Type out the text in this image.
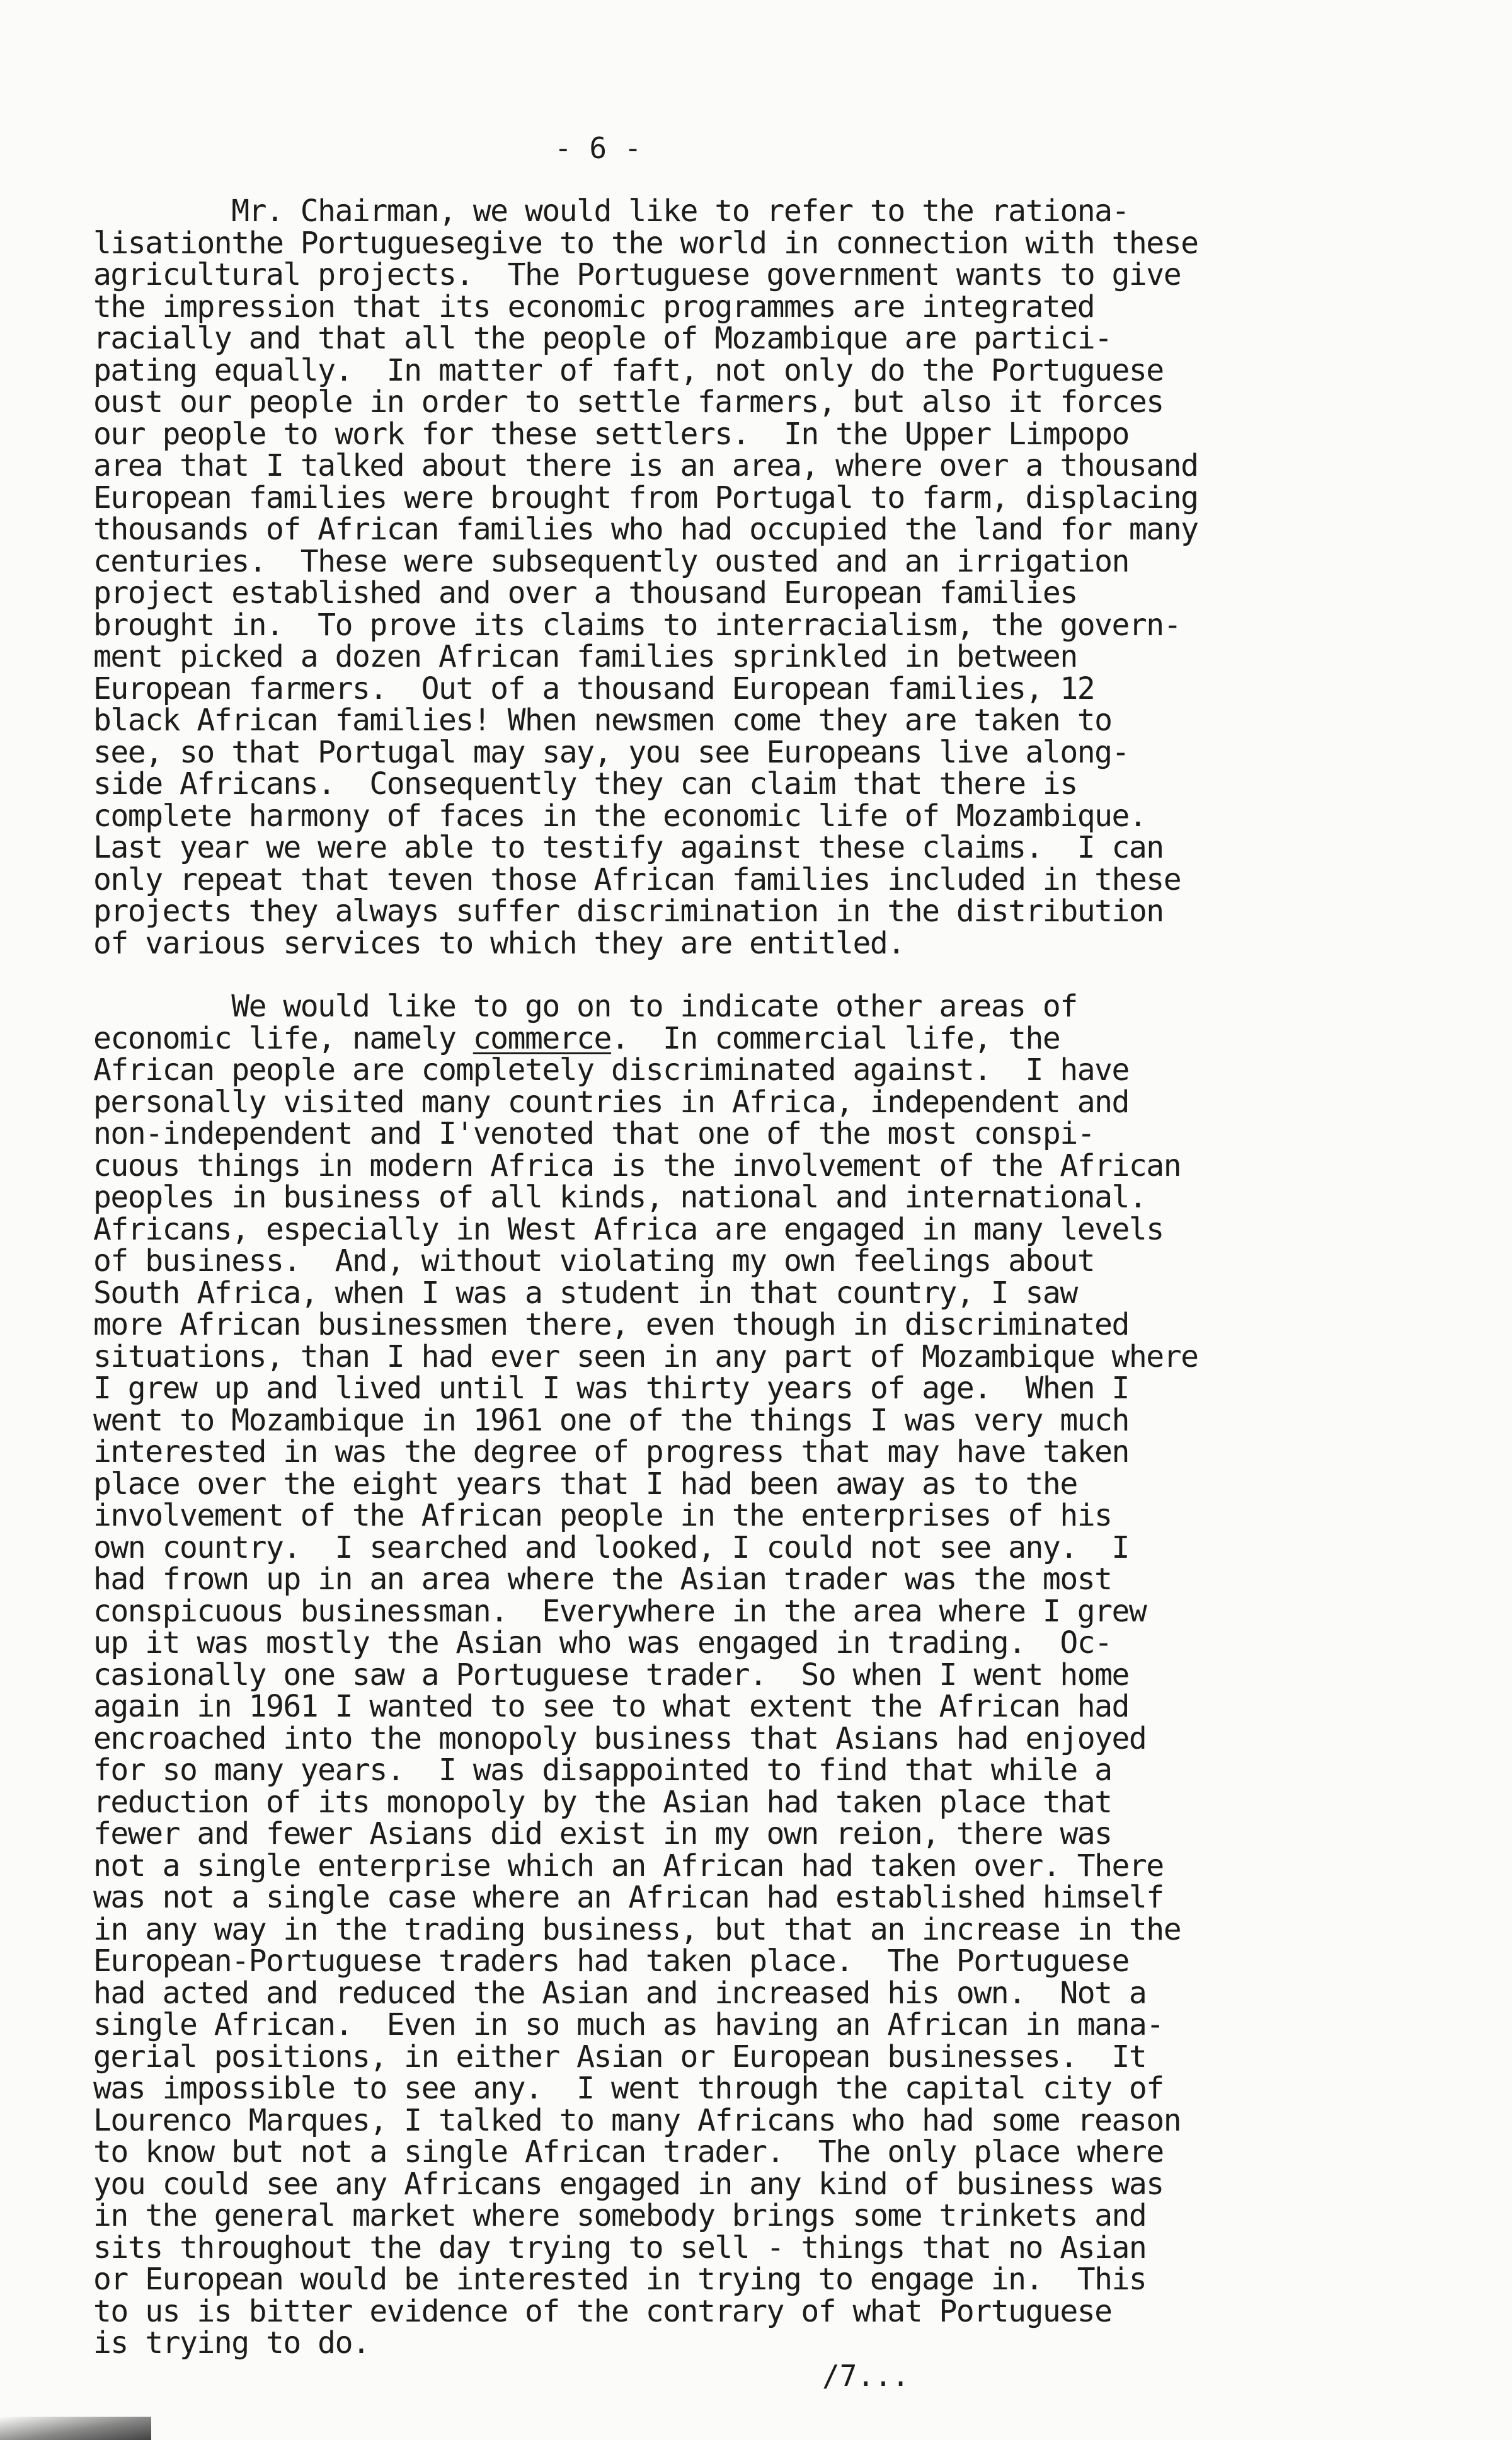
- 6 -
Mr. Chairman, we would like to refer to the rationa-
lisationthe Portuguesegive to the world in connection with these
agricultural projects.  The Portuguese government wants to give
the impression that its economic programmes are integrated
racially and that all the people of Mozambique are partici-
pating equally.  In matter of faft, not only do the Portuguese
oust our people in order to settle farmers, but also it forces
our people to work for these settlers.  In the Upper Limpopo
area that I talked about there is an area, where over a thousand
European families were brought from Portugal to farm, displacing
thousands of African families who had occupied the land for many
centuries.  These were subsequently ousted and an irrigation
project established and over a thousand European families
brought in.  To prove its claims to interracialism, the govern-
ment picked a dozen African families sprinkled in between
European farmers.  Out of a thousand European families, 12
black African families! When newsmen come they are taken to
see, so that Portugal may say, you see Europeans live along-
side Africans.  Consequently they can claim that there is
complete harmony of faces in the economic life of Mozambique.
Last year we were able to testify against these claims.  I can
only repeat that teven those African families included in these
projects they always suffer discrimination in the distribution
of various services to which they are entitled.
We would like to go on to indicate other areas of
economic life, namely commerce.  In commercial life, the
African people are completely discriminated against.  I have
personally visited many countries in Africa, independent and
non-independent and I'venoted that one of the most conspi-
cuous things in modern Africa is the involvement of the African
peoples in business of all kinds, national and international.
Africans, especially in West Africa are engaged in many levels
of business.  And, without violating my own feelings about
South Africa, when I was a student in that country, I saw
more African businessmen there, even though in discriminated
situations, than I had ever seen in any part of Mozambique where
I grew up and lived until I was thirty years of age.  When I
went to Mozambique in 1961 one of the things I was very much
interested in was the degree of progress that may have taken
place over the eight years that I had been away as to the
involvement of the African people in the enterprises of his
own country.  I searched and looked, I could not see any.  I
had frown up in an area where the Asian trader was the most
conspicuous businessman.  Everywhere in the area where I grew
up it was mostly the Asian who was engaged in trading.  Oc-
casionally one saw a Portuguese trader.  So when I went home
again in 1961 I wanted to see to what extent the African had
encroached into the monopoly business that Asians had enjoyed
for so many years.  I was disappointed to find that while a
reduction of its monopoly by the Asian had taken place that
fewer and fewer Asians did exist in my own reion, there was
not a single enterprise which an African had taken over. There
was not a single case where an African had established himself
in any way in the trading business, but that an increase in the
European-Portuguese traders had taken place.  The Portuguese
had acted and reduced the Asian and increased his own.  Not a
single African.  Even in so much as having an African in mana-
gerial positions, in either Asian or European businesses.  It
was impossible to see any.  I went through the capital city of
Lourenco Marques, I talked to many Africans who had some reason
to know but not a single African trader.  The only place where
you could see any Africans engaged in any kind of business was
in the general market where somebody brings some trinkets and
sits throughout the day trying to sell - things that no Asian
or European would be interested in trying to engage in.  This
to us is bitter evidence of the contrary of what Portuguese
is trying to do.
/7...
